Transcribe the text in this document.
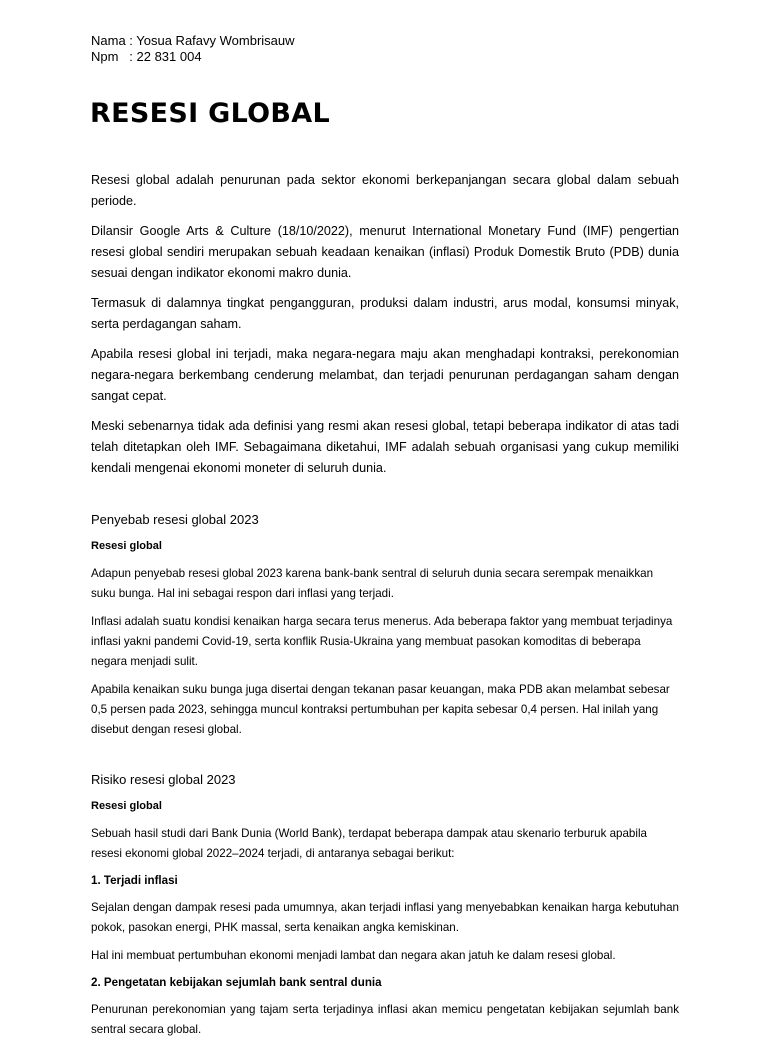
Nama : Yosua Rafavy Wombrisauw
Npm   : 22 831 004
RESESI GLOBAL

Resesi global adalah penurunan pada sektor ekonomi berkepanjangan secara global dalam sebuah periode.

Dilansir Google Arts & Culture (18/10/2022), menurut International Monetary Fund (IMF) pengertian resesi global sendiri merupakan sebuah keadaan kenaikan (inflasi) Produk Domestik Bruto (PDB) dunia sesuai dengan indikator ekonomi makro dunia.

Termasuk di dalamnya tingkat pengangguran, produksi dalam industri, arus modal, konsumsi minyak, serta perdagangan saham.

Apabila resesi global ini terjadi, maka negara-negara maju akan menghadapi kontraksi, perekonomian negara-negara berkembang cenderung melambat, dan terjadi penurunan perdagangan saham dengan sangat cepat.

Meski sebenarnya tidak ada definisi yang resmi akan resesi global, tetapi beberapa indikator di atas tadi telah ditetapkan oleh IMF. Sebagaimana diketahui, IMF adalah sebuah organisasi yang cukup memiliki kendali mengenai ekonomi moneter di seluruh dunia.

Penyebab resesi global 2023
Resesi global

Adapun penyebab resesi global 2023 karena bank-bank sentral di seluruh dunia secara serempak menaikkan suku bunga. Hal ini sebagai respon dari inflasi yang terjadi.

Inflasi adalah suatu kondisi kenaikan harga secara terus menerus. Ada beberapa faktor yang membuat terjadinya inflasi yakni pandemi Covid-19, serta konflik Rusia-Ukraina yang membuat pasokan komoditas di beberapa negara menjadi sulit.

Apabila kenaikan suku bunga juga disertai dengan tekanan pasar keuangan, maka PDB akan melambat sebesar 0,5 persen pada 2023, sehingga muncul kontraksi pertumbuhan per kapita sebesar 0,4 persen. Hal inilah yang disebut dengan resesi global.

Risiko resesi global 2023
Resesi global

Sebuah hasil studi dari Bank Dunia (World Bank), terdapat beberapa dampak atau skenario terburuk apabila resesi ekonomi global 2022–2024 terjadi, di antaranya sebagai berikut:

1. Terjadi inflasi

Sejalan dengan dampak resesi pada umumnya, akan terjadi inflasi yang menyebabkan kenaikan harga kebutuhan pokok, pasokan energi, PHK massal, serta kenaikan angka kemiskinan.

Hal ini membuat pertumbuhan ekonomi menjadi lambat dan negara akan jatuh ke dalam resesi global.

2. Pengetatan kebijakan sejumlah bank sentral dunia

Penurunan perekonomian yang tajam serta terjadinya inflasi akan memicu pengetatan kebijakan sejumlah bank sentral secara global.
